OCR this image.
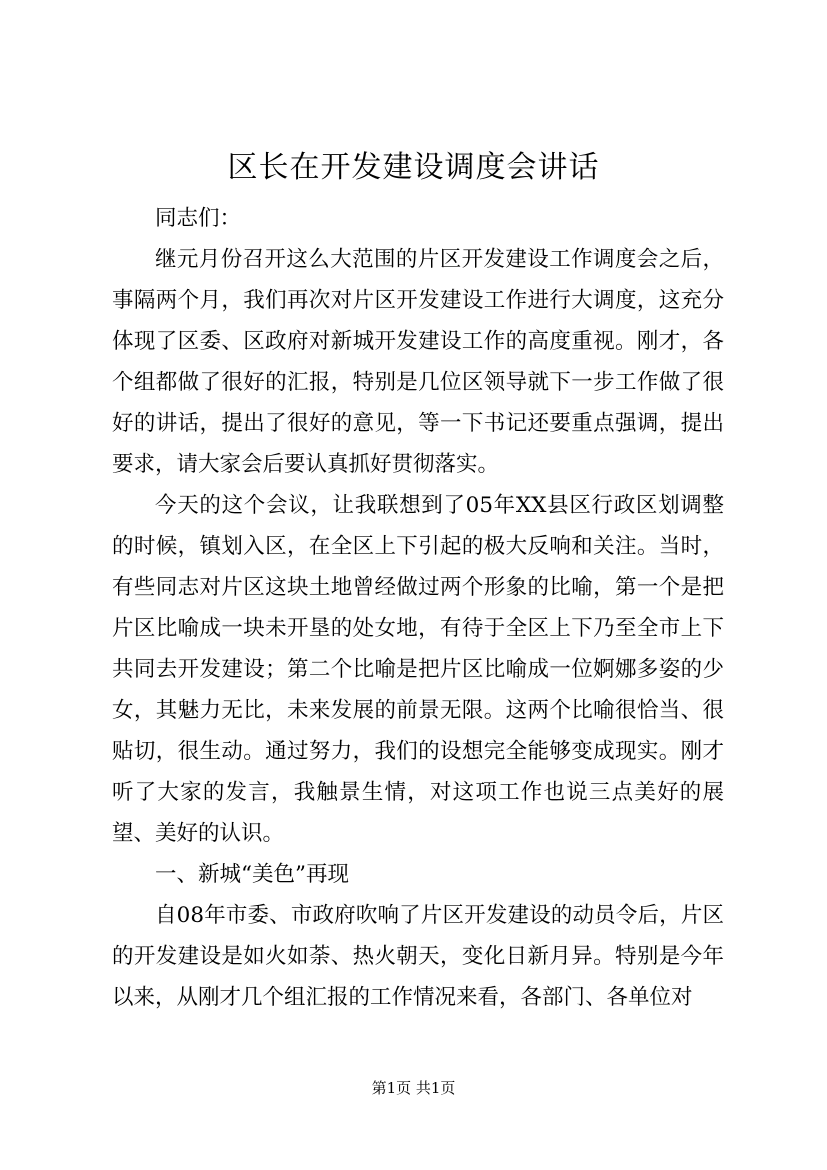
区长在开发建设调度会讲话

同志们：

继元月份召开这么大范围的片区开发建设工作调度会之后，事隔两个月，我们再次对片区开发建设工作进行大调度，这充分体现了区委、区政府对新城开发建设工作的高度重视。刚才，各个组都做了很好的汇报，特别是几位区领导就下一步工作做了很好的讲话，提出了很好的意见，等一下书记还要重点强调，提出要求，请大家会后要认真抓好贯彻落实。

今天的这个会议，让我联想到了05年XX县区行政区划调整的时候，镇划入区，在全区上下引起的极大反响和关注。当时，有些同志对片区这块土地曾经做过两个形象的比喻，第一个是把片区比喻成一块未开垦的处女地，有待于全区上下乃至全市上下共同去开发建设；第二个比喻是把片区比喻成一位婀娜多姿的少女，其魅力无比，未来发展的前景无限。这两个比喻很恰当、很贴切，很生动。通过努力，我们的设想完全能够变成现实。刚才听了大家的发言，我触景生情，对这项工作也说三点美好的展望、美好的认识。

一、新城“美色”再现

自08年市委、市政府吹响了片区开发建设的动员令后，片区的开发建设是如火如荼、热火朝天，变化日新月异。特别是今年以来，从刚才几个组汇报的工作情况来看，各部门、各单位对

第1页 共1页
